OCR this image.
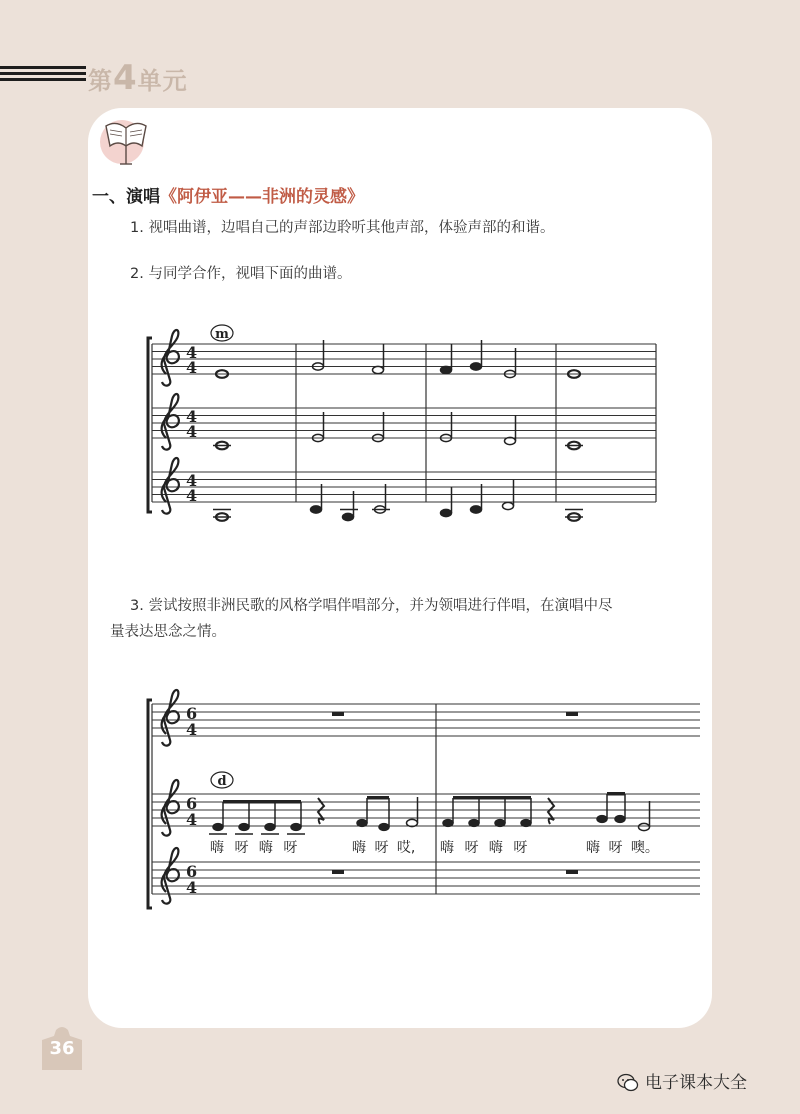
第4单元
一、演唱《阿伊亚——非洲的灵感》
1. 视唱曲谱，边唱自己的声部边聆听其他声部，体验声部的和谐。
2. 与同学合作，视唱下面的曲谱。
3. 尝试按照非洲民歌的风格学唱伴唱部分，并为领唱进行伴唱，在演唱中尽
量表达思念之情。
4
4
4
4
4
4
m
6
4
6
4
6
4
d
嗨 呀 嗨 呀	嗨 呀 哎, 嗨 呀 嗨 呀	嗨 呀 噢。
36
电子课本大全
